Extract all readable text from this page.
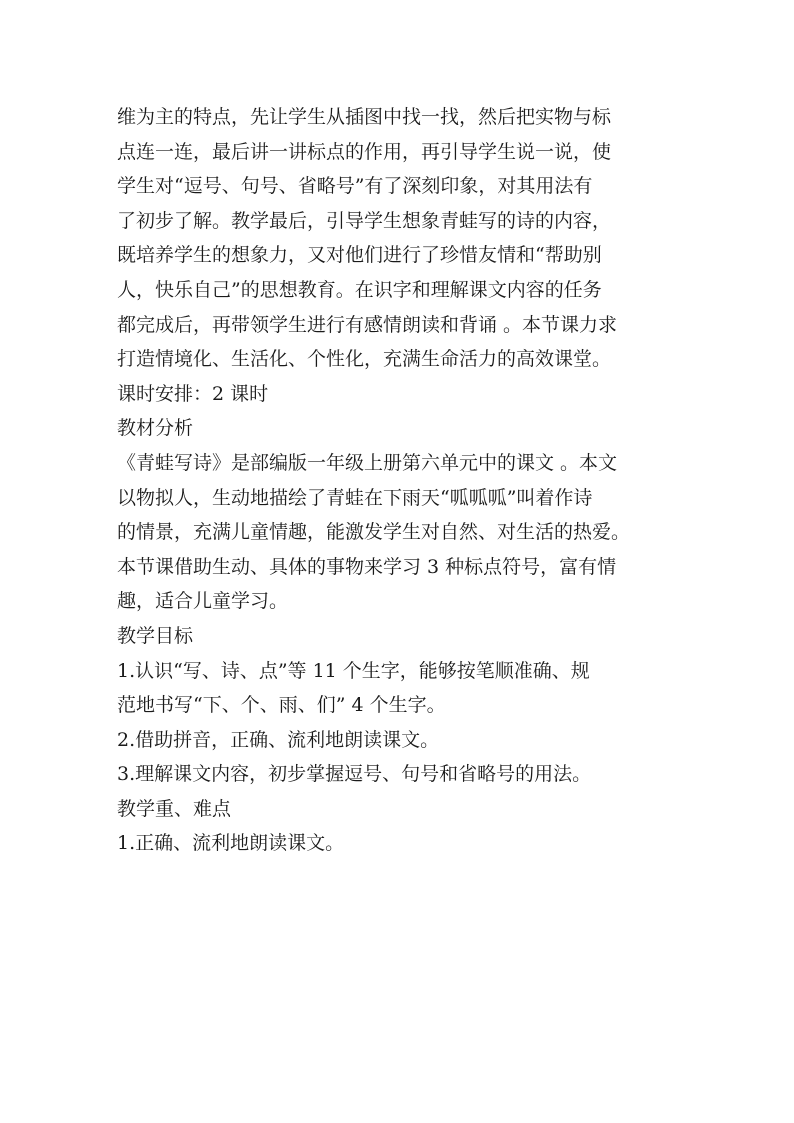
维为主的特点，先让学生从插图中找一找，然后把实物与标
点连一连，最后讲一讲标点的作用，再引导学生说一说，使
学生对“逗号、句号、省略号”有了深刻印象，对其用法有
了初步了解。教学最后，引导学生想象青蛙写的诗的内容，
既培养学生的想象力，又对他们进行了珍惜友情和“帮助别
人，快乐自己”的思想教育。在识字和理解课文内容的任务
都完成后，再带领学生进行有感情朗读和背诵 。本节课力求
打造情境化、生活化、个性化，充满生命活力的高效课堂。
课时安排：2 课时
教材分析
《青蛙写诗》是部编版一年级上册第六单元中的课文 。本文
以物拟人，生动地描绘了青蛙在下雨天“呱呱呱”叫着作诗
的情景，充满儿童情趣，能激发学生对自然、对生活的热爱。
本节课借助生动、具体的事物来学习 3 种标点符号，富有情
趣，适合儿童学习。
教学目标
1.认识“写、诗、点”等 11 个生字，能够按笔顺准确、规
范地书写“下、个、雨、们” 4 个生字。
2.借助拼音，正确、流利地朗读课文。
3.理解课文内容，初步掌握逗号、句号和省略号的用法。
教学重、难点
1.正确、流利地朗读课文。
